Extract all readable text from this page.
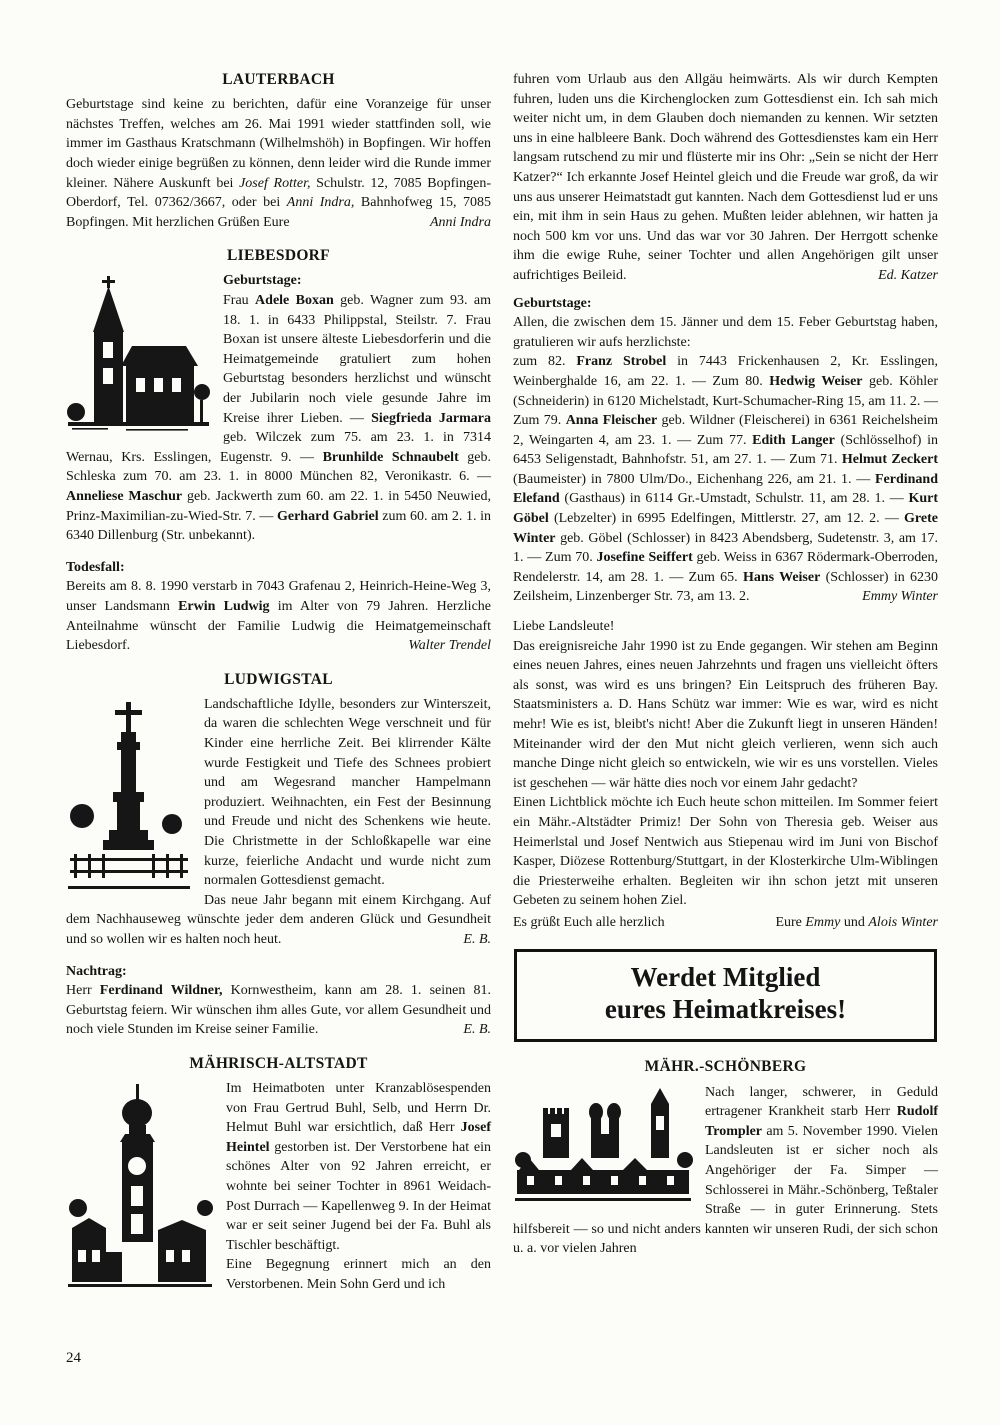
LAUTERBACH
Geburtstage sind keine zu berichten, dafür eine Voranzeige für unser nächstes Treffen, welches am 26. Mai 1991 wieder stattfinden soll, wie immer im Gasthaus Kratschmann (Wilhelmshöh) in Bopfingen. Wir hoffen doch wieder einige begrüßen zu können, denn leider wird die Runde immer kleiner. Nähere Auskunft bei Josef Rotter, Schulstr. 12, 7085 Bopfingen-Oberdorf, Tel. 07362/3667, oder bei Anni Indra, Bahnhofweg 15, 7085 Bopfingen. Mit herzlichen Grüßen Eure	Anni Indra
LIEBESDORF
Geburtstage:
Frau Adele Boxan geb. Wagner zum 93. am 18. 1. in 6433 Philippstal, Steilstr. 7. Frau Boxan ist unsere älteste Liebesdorferin und die Heimatgemeinde gratuliert zum hohen Geburtstag besonders herzlichst und wünscht der Jubilarin noch viele gesunde Jahre im Kreise ihrer Lieben. — Siegfrieda Jarmara geb. Wilczek zum 75. am 23. 1. in 7314 Wernau, Krs. Esslingen, Eugenstr. 9. — Brunhilde Schnaubelt geb. Schleska zum 70. am 23. 1. in 8000 München 82, Veronikastr. 6. — Anneliese Maschur geb. Jackwerth zum 60. am 22. 1. in 5450 Neuwied, Prinz-Maximilian-zu-Wied-Str. 7. — Gerhard Gabriel zum 60. am 2. 1. in 6340 Dillenburg (Str. unbekannt).
Todesfall:
Bereits am 8. 8. 1990 verstarb in 7043 Grafenau 2, Heinrich-Heine-Weg 3, unser Landsmann Erwin Ludwig im Alter von 79 Jahren. Herzliche Anteilnahme wünscht der Familie Ludwig die Heimatgemeinschaft Liebesdorf.	Walter Trendel
LUDWIGSTAL
Landschaftliche Idylle, besonders zur Winterszeit, da waren die schlechten Wege verschneit und für Kinder eine herrliche Zeit. Bei klirrender Kälte wurde Festigkeit und Tiefe des Schnees probiert und am Wegesrand mancher Hampelmann produziert. Weihnachten, ein Fest der Besinnung und Freude und nicht des Schenkens wie heute. Die Christmette in der Schloßkapelle war eine kurze, feierliche Andacht und wurde nicht zum normalen Gottesdienst gemacht.
Das neue Jahr begann mit einem Kirchgang. Auf dem Nachhauseweg wünschte jeder dem anderen Glück und Gesundheit und so wollen wir es halten noch heut.	E. B.
Nachtrag:
Herr Ferdinand Wildner, Kornwestheim, kann am 28. 1. seinen 81. Geburtstag feiern. Wir wünschen ihm alles Gute, vor allem Gesundheit und noch viele Stunden im Kreise seiner Familie.	E. B.
MÄHRISCH-ALTSTADT
Im Heimatboten unter Kranzablösespenden von Frau Gertrud Buhl, Selb, und Herrn Dr. Helmut Buhl war ersichtlich, daß Herr Josef Heintel gestorben ist. Der Verstorbene hat ein schönes Alter von 92 Jahren erreicht, er wohnte bei seiner Tochter in 8961 Weidach-Post Durrach — Kapellenweg 9. In der Heimat war er seit seiner Jugend bei der Fa. Buhl als Tischler beschäftigt.
Eine Begegnung erinnert mich an den Verstorbenen. Mein Sohn Gerd und ich
fuhren vom Urlaub aus den Allgäu heimwärts. Als wir durch Kempten fuhren, luden uns die Kirchenglocken zum Gottesdienst ein. Ich sah mich weiter nicht um, in dem Glauben doch niemanden zu kennen. Wir setzten uns in eine halbleere Bank. Doch während des Gottesdienstes kam ein Herr langsam rutschend zu mir und flüsterte mir ins Ohr: „Sein se nicht der Herr Katzer?“ Ich erkannte Josef Heintel gleich und die Freude war groß, da wir uns aus unserer Heimatstadt gut kannten. Nach dem Gottesdienst lud er uns ein, mit ihm in sein Haus zu gehen. Mußten leider ablehnen, wir hatten ja noch 500 km vor uns. Und das war vor 30 Jahren. Der Herrgott schenke ihm die ewige Ruhe, seiner Tochter und allen Angehörigen gilt unser aufrichtiges Beileid.	Ed. Katzer
Geburtstage:
Allen, die zwischen dem 15. Jänner und dem 15. Feber Geburtstag haben, gratulieren wir aufs herzlichste:
zum 82. Franz Strobel in 7443 Frickenhausen 2, Kr. Esslingen, Weinberghalde 16, am 22. 1. — Zum 80. Hedwig Weiser geb. Köhler (Schneiderin) in 6120 Michelstadt, Kurt-Schumacher-Ring 15, am 11. 2. — Zum 79. Anna Fleischer geb. Wildner (Fleischerei) in 6361 Reichelsheim 2, Weingarten 4, am 23. 1. — Zum 77. Edith Langer (Schlösselhof) in 6453 Seligenstadt, Bahnhofstr. 51, am 27. 1. — Zum 71. Helmut Zeckert (Baumeister) in 7800 Ulm/Do., Eichenhang 226, am 21. 1. — Ferdinand Elefand (Gasthaus) in 6114 Gr.-Umstadt, Schulstr. 11, am 28. 1. — Kurt Göbel (Lebzelter) in 6995 Edelfingen, Mittlerstr. 27, am 12. 2. — Grete Winter geb. Göbel (Schlosser) in 8423 Abendsberg, Sudetenstr. 3, am 17. 1. — Zum 70. Josefine Seiffert geb. Weiss in 6367 Rödermark-Oberroden, Rendelerstr. 14, am 28. 1. — Zum 65. Hans Weiser (Schlosser) in 6230 Zeilsheim, Linzenberger Str. 73, am 13. 2.	Emmy Winter
Liebe Landsleute!
Das ereignisreiche Jahr 1990 ist zu Ende gegangen. Wir stehen am Beginn eines neuen Jahres, eines neuen Jahrzehnts und fragen uns vielleicht öfters als sonst, was wird es uns bringen? Ein Leitspruch des früheren Bay. Staatsministers a. D. Hans Schütz war immer: Wie es war, wird es nicht mehr! Wie es ist, bleibt's nicht! Aber die Zukunft liegt in unseren Händen! Miteinander wird der den Mut nicht gleich verlieren, wenn sich auch manche Dinge nicht gleich so entwickeln, wie wir es uns vorstellen. Vieles ist geschehen — wär hätte dies noch vor einem Jahr gedacht?
Einen Lichtblick möchte ich Euch heute schon mitteilen. Im Sommer feiert ein Mähr.-Altstädter Primiz! Der Sohn von Theresia geb. Weiser aus Heimerlstal und Josef Nentwich aus Stiepenau wird im Juni von Bischof Kasper, Diözese Rottenburg/Stuttgart, in der Klosterkirche Ulm-Wiblingen die Priesterweihe erhalten. Begleiten wir ihn schon jetzt mit unseren Gebeten zu seinem hohen Ziel.
Es grüßt Euch alle herzlich	Eure Emmy und Alois Winter
Werdet Mitglied
eures Heimatkreises!
MÄHR.-SCHÖNBERG
Nach langer, schwerer, in Geduld ertragener Krankheit starb Herr Rudolf Trompler am 5. November 1990. Vielen Landsleuten ist er sicher noch als Angehöriger der Fa. Simper — Schlosserei in Mähr.-Schönberg, Teßtaler Straße — in guter Erinnerung. Stets hilfsbereit — so und nicht anders kannten wir unseren Rudi, der sich schon u. a. vor vielen Jahren
24
